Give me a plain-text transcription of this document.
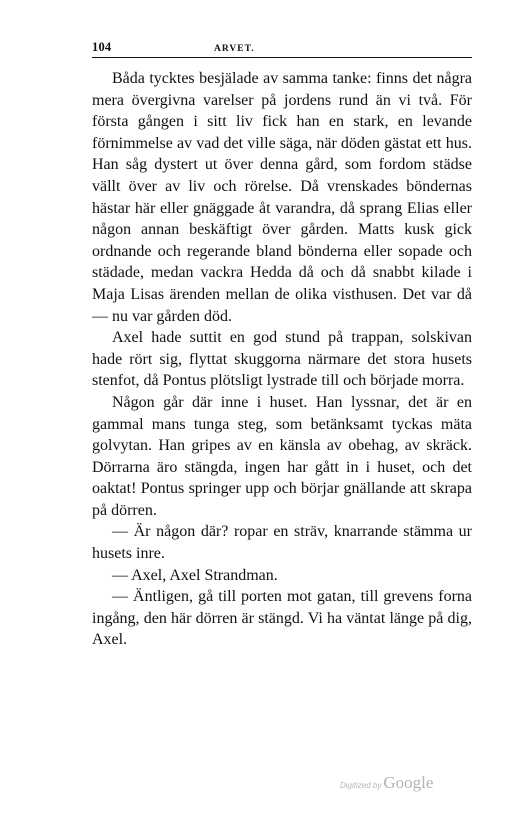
104	ARVET.

Båda tycktes besjälade av samma tanke: finns det några mera övergivna varelser på jordens rund än vi två. För första gången i sitt liv fick han en stark, en levande förnimmelse av vad det ville säga, när döden gästat ett hus. Han såg dystert ut över denna gård, som fordom städse vällt över av liv och rörelse. Då vrenskades böndernas hästar här eller gnäggade åt varandra, då sprang Elias eller någon annan beskäftigt över gården. Matts kusk gick ordnande och regerande bland bönderna eller sopade och städade, medan vackra Hedda då och då snabbt kilade i Maja Lisas ärenden mellan de olika visthusen. Det var då — nu var gården död.

Axel hade suttit en god stund på trappan, solskivan hade rört sig, flyttat skuggorna närmare det stora husets stenfot, då Pontus plötsligt lystrade till och började morra.

Någon går där inne i huset. Han lyssnar, det är en gammal mans tunga steg, som betänksamt tyckas mäta golvytan. Han gripes av en känsla av obehag, av skräck. Dörrarna äro stängda, ingen har gått in i huset, och det oaktat! Pontus springer upp och börjar gnällande att skrapa på dörren.

— Är någon där? ropar en sträv, knarrande stämma ur husets inre.

— Axel, Axel Strandman.

— Äntligen, gå till porten mot gatan, till grevens forna ingång, den här dörren är stängd. Vi ha väntat länge på dig, Axel.

Digitized by Google
